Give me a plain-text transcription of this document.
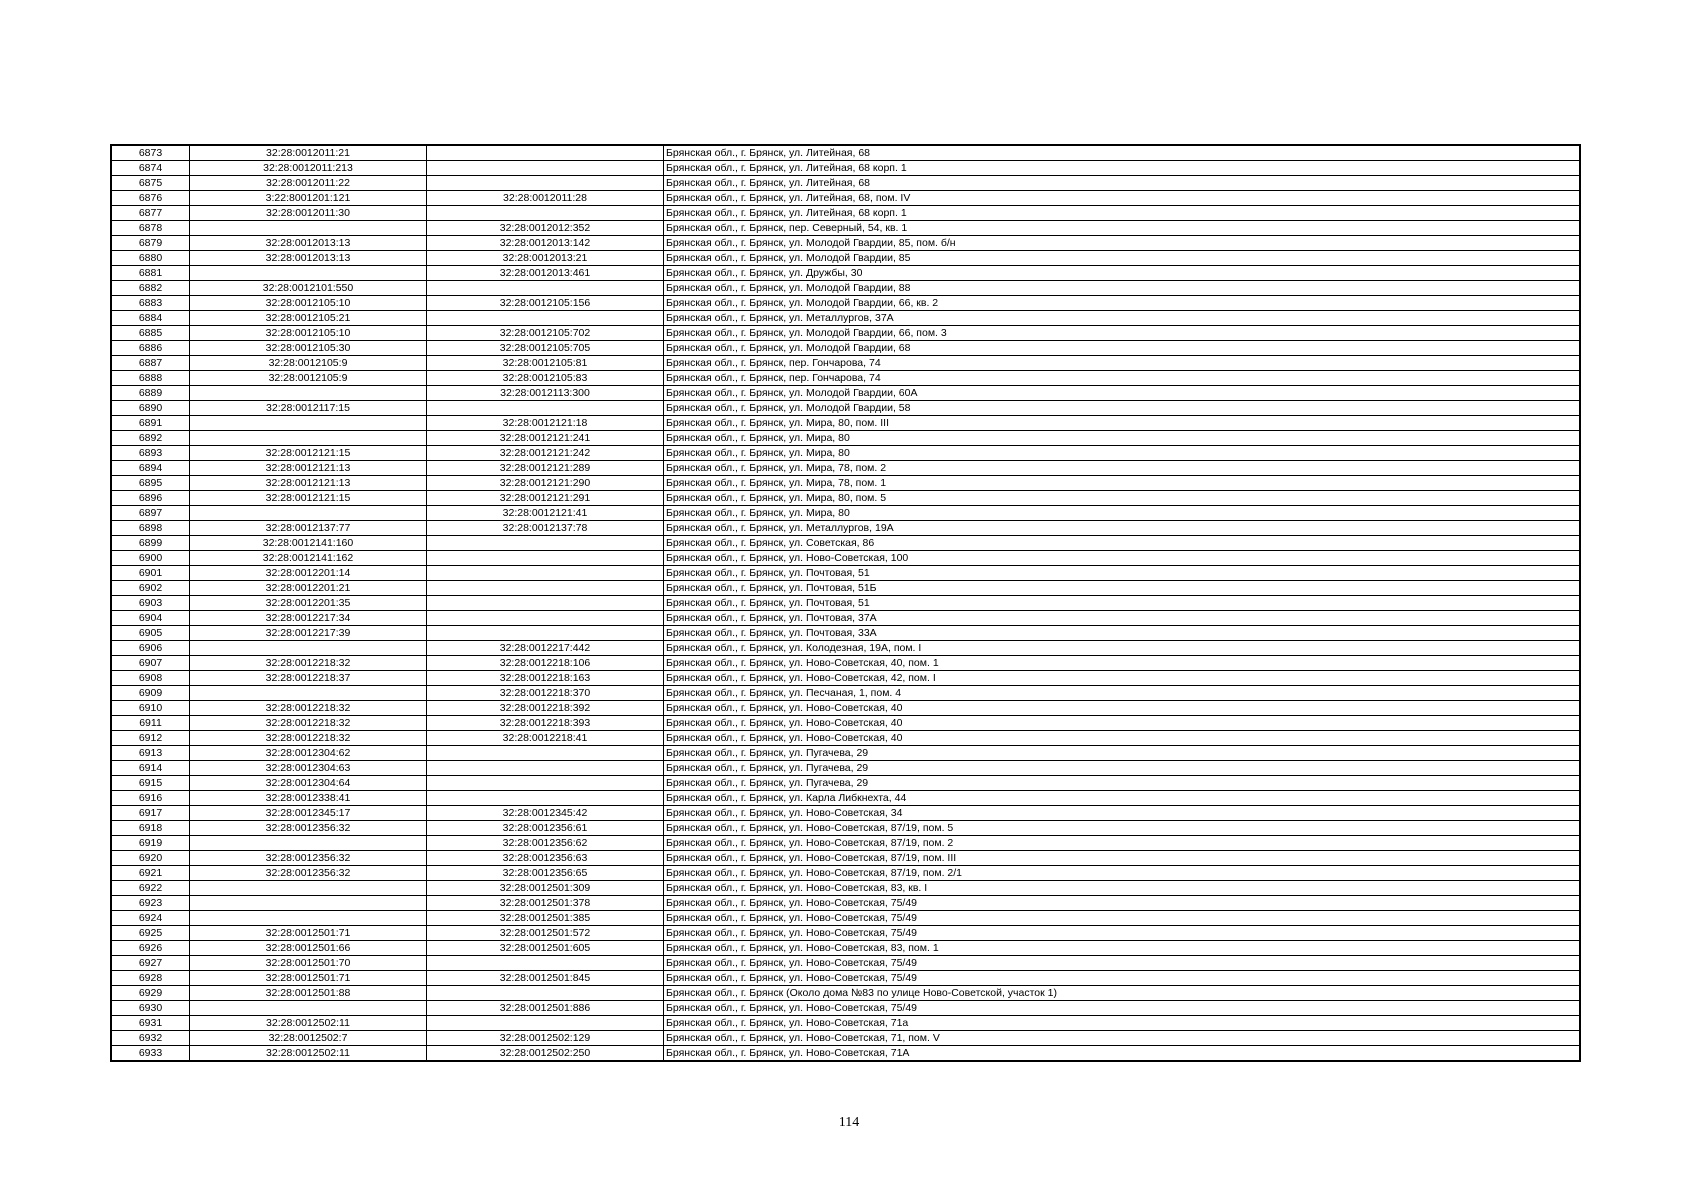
6873	32:28:0012011:21		Брянская обл., г. Брянск, ул. Литейная, 68
6874	32:28:0012011:213		Брянская обл., г. Брянск, ул. Литейная, 68 корп. 1
6875	32:28:0012011:22		Брянская обл., г. Брянск, ул. Литейная, 68
6876	3:22:8001201:121	32:28:0012011:28	Брянская обл., г. Брянск, ул. Литейная, 68, пом. IV
6877	32:28:0012011:30		Брянская обл., г. Брянск, ул. Литейная, 68 корп. 1
6878		32:28:0012012:352	Брянская обл., г. Брянск, пер. Северный, 54, кв. 1
6879	32:28:0012013:13	32:28:0012013:142	Брянская обл., г. Брянск, ул. Молодой Гвардии, 85, пом. б/н
6880	32:28:0012013:13	32:28:0012013:21	Брянская обл., г. Брянск, ул. Молодой Гвардии, 85
6881		32:28:0012013:461	Брянская обл., г. Брянск, ул. Дружбы, 30
6882	32:28:0012101:550		Брянская обл., г. Брянск, ул. Молодой Гвардии, 88
6883	32:28:0012105:10	32:28:0012105:156	Брянская обл., г. Брянск, ул. Молодой Гвардии, 66, кв. 2
6884	32:28:0012105:21		Брянская обл., г. Брянск, ул. Металлургов, 37А
6885	32:28:0012105:10	32:28:0012105:702	Брянская обл., г. Брянск, ул. Молодой Гвардии, 66, пом. 3
6886	32:28:0012105:30	32:28:0012105:705	Брянская обл., г. Брянск, ул. Молодой Гвардии, 68
6887	32:28:0012105:9	32:28:0012105:81	Брянская обл., г. Брянск, пер. Гончарова, 74
6888	32:28:0012105:9	32:28:0012105:83	Брянская обл., г. Брянск, пер. Гончарова, 74
6889		32:28:0012113:300	Брянская обл., г. Брянск, ул. Молодой Гвардии, 60А
6890	32:28:0012117:15		Брянская обл., г. Брянск, ул. Молодой Гвардии, 58
6891		32:28:0012121:18	Брянская обл., г. Брянск, ул. Мира, 80, пом. III
6892		32:28:0012121:241	Брянская обл., г. Брянск, ул. Мира, 80
6893	32:28:0012121:15	32:28:0012121:242	Брянская обл., г. Брянск, ул. Мира, 80
6894	32:28:0012121:13	32:28:0012121:289	Брянская обл., г. Брянск, ул. Мира, 78, пом. 2
6895	32:28:0012121:13	32:28:0012121:290	Брянская обл., г. Брянск, ул. Мира, 78, пом. 1
6896	32:28:0012121:15	32:28:0012121:291	Брянская обл., г. Брянск, ул. Мира, 80, пом. 5
6897		32:28:0012121:41	Брянская обл., г. Брянск, ул. Мира, 80
6898	32:28:0012137:77	32:28:0012137:78	Брянская обл., г. Брянск, ул. Металлургов, 19А
6899	32:28:0012141:160		Брянская обл., г. Брянск, ул. Советская, 86
6900	32:28:0012141:162		Брянская обл., г. Брянск, ул. Ново-Советская, 100
6901	32:28:0012201:14		Брянская обл., г. Брянск, ул. Почтовая, 51
6902	32:28:0012201:21		Брянская обл., г. Брянск, ул. Почтовая, 51Б
6903	32:28:0012201:35		Брянская обл., г. Брянск, ул. Почтовая, 51
6904	32:28:0012217:34		Брянская обл., г. Брянск, ул. Почтовая, 37А
6905	32:28:0012217:39		Брянская обл., г. Брянск, ул. Почтовая, 33А
6906		32:28:0012217:442	Брянская обл., г. Брянск, ул. Колодезная, 19А, пом. I
6907	32:28:0012218:32	32:28:0012218:106	Брянская обл., г. Брянск, ул. Ново-Советская, 40, пом. 1
6908	32:28:0012218:37	32:28:0012218:163	Брянская обл., г. Брянск, ул. Ново-Советская, 42, пом. I
6909		32:28:0012218:370	Брянская обл., г. Брянск, ул. Песчаная, 1, пом. 4
6910	32:28:0012218:32	32:28:0012218:392	Брянская обл., г. Брянск, ул. Ново-Советская, 40
6911	32:28:0012218:32	32:28:0012218:393	Брянская обл., г. Брянск, ул. Ново-Советская, 40
6912	32:28:0012218:32	32:28:0012218:41	Брянская обл., г. Брянск, ул. Ново-Советская, 40
6913	32:28:0012304:62		Брянская обл., г. Брянск, ул. Пугачева, 29
6914	32:28:0012304:63		Брянская обл., г. Брянск, ул. Пугачева, 29
6915	32:28:0012304:64		Брянская обл., г. Брянск, ул. Пугачева, 29
6916	32:28:0012338:41		Брянская обл., г. Брянск, ул. Карла Либкнехта, 44
6917	32:28:0012345:17	32:28:0012345:42	Брянская обл., г. Брянск, ул. Ново-Советская, 34
6918	32:28:0012356:32	32:28:0012356:61	Брянская обл., г. Брянск, ул. Ново-Советская, 87/19, пом. 5
6919		32:28:0012356:62	Брянская обл., г. Брянск, ул. Ново-Советская, 87/19, пом. 2
6920	32:28:0012356:32	32:28:0012356:63	Брянская обл., г. Брянск, ул. Ново-Советская, 87/19, пом. III
6921	32:28:0012356:32	32:28:0012356:65	Брянская обл., г. Брянск, ул. Ново-Советская, 87/19, пом. 2/1
6922		32:28:0012501:309	Брянская обл., г. Брянск, ул. Ново-Советская, 83, кв. I
6923		32:28:0012501:378	Брянская обл., г. Брянск, ул. Ново-Советская, 75/49
6924		32:28:0012501:385	Брянская обл., г. Брянск, ул. Ново-Советская, 75/49
6925	32:28:0012501:71	32:28:0012501:572	Брянская обл., г. Брянск, ул. Ново-Советская, 75/49
6926	32:28:0012501:66	32:28:0012501:605	Брянская обл., г. Брянск, ул. Ново-Советская, 83, пом. 1
6927	32:28:0012501:70		Брянская обл., г. Брянск, ул. Ново-Советская, 75/49
6928	32:28:0012501:71	32:28:0012501:845	Брянская обл., г. Брянск, ул. Ново-Советская, 75/49
6929	32:28:0012501:88		Брянская обл., г. Брянск (Около дома №83 по улице Ново-Советской, участок 1)
6930		32:28:0012501:886	Брянская обл., г. Брянск, ул. Ново-Советская, 75/49
6931	32:28:0012502:11		Брянская обл., г. Брянск, ул. Ново-Советская, 71а
6932	32:28:0012502:7	32:28:0012502:129	Брянская обл., г. Брянск, ул. Ново-Советская, 71, пом. V
6933	32:28:0012502:11	32:28:0012502:250	Брянская обл., г. Брянск, ул. Ново-Советская, 71А
114
